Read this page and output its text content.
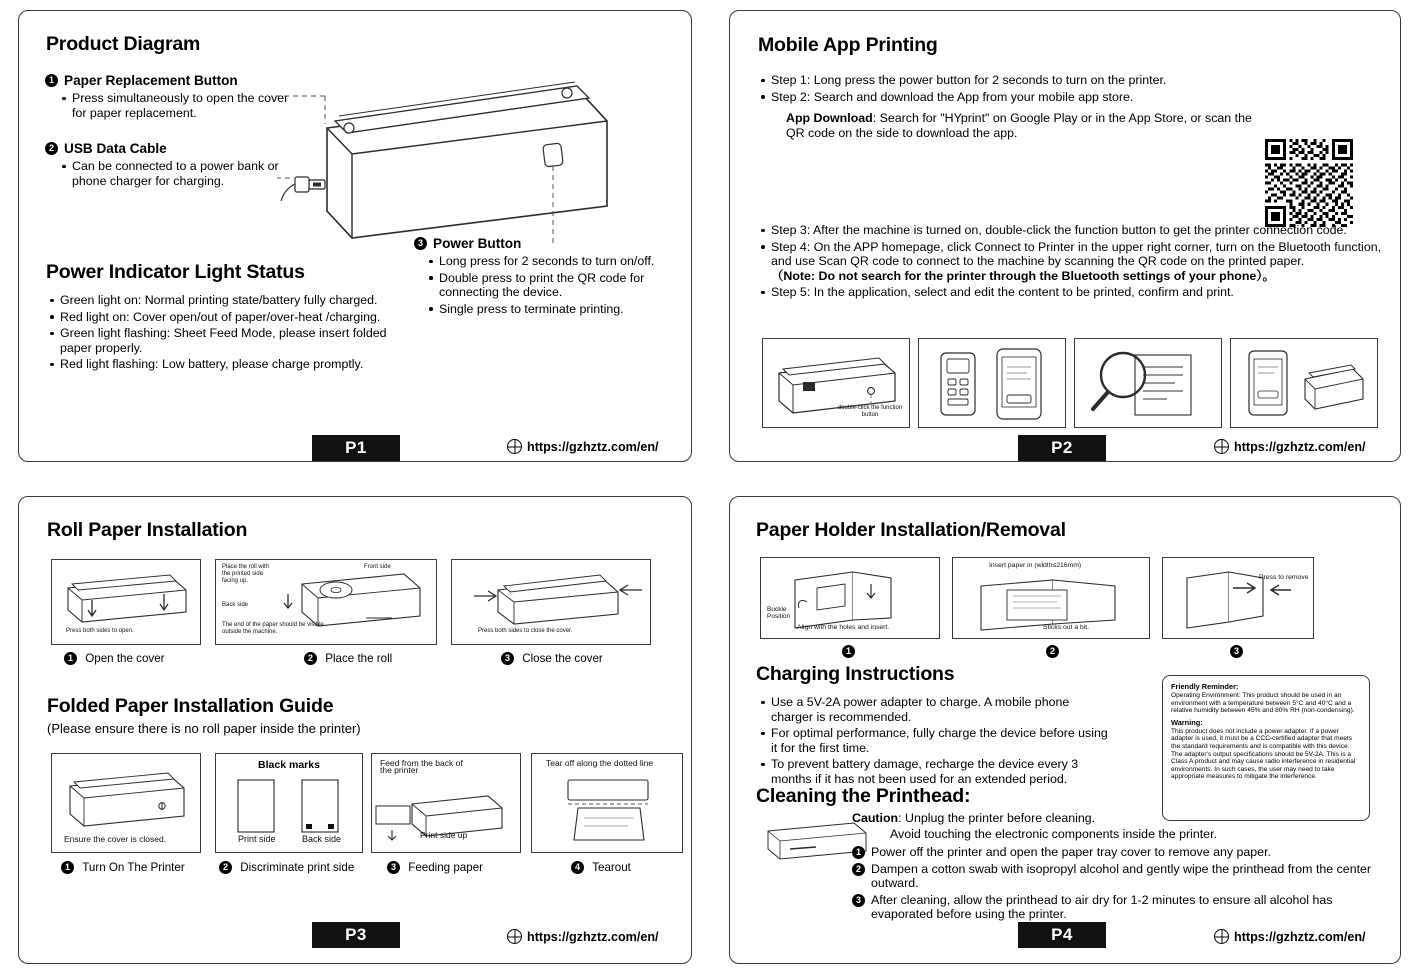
Product Diagram
1 Paper Replacement Button
Press simultaneously to open the cover for paper replacement.
2 USB Data Cable
Can be connected to a power bank or phone charger for charging.
3 Power Button
Long press for 2 seconds to turn on/off.
Double press to print the QR code for connecting the device.
Single press to terminate printing.
Power Indicator Light Status
Green light on: Normal printing state/battery fully charged.
Red light on: Cover open/out of paper/over-heat /charging.
Green light flashing: Sheet Feed Mode, please insert folded paper properly.
Red light flashing: Low battery, please charge promptly.
P1	https://gzhztz.com/en/
Mobile App Printing
Step 1: Long press the power button for 2 seconds to turn on the printer.
Step 2: Search and download the App from your mobile app store.
App Download: Search for "HYprint" on Google Play or in the App Store, or scan the QR code on the side to download the app.
Step 3: After the machine is turned on, double-click the function button to get the printer connection code.
Step 4: On the APP homepage, click Connect to Printer in the upper right corner, turn on the Bluetooth function, and use Scan QR code to connect to the machine by scanning the QR code on the printed paper.
（Note: Do not search for the printer through the Bluetooth settings of your phone）。
Step 5: In the application, select and edit the content to be printed, confirm and print.
double-click the function button
P2	https://gzhztz.com/en/
Roll Paper Installation
Press both sides to open.
1 Open the cover
Place the roll with the printed side facing up.
Back side
Front side
The end of the paper should be visible outside the machine.
2 Place the roll
Press both sides to close the cover.
3 Close the cover
Folded Paper Installation Guide
(Please ensure there is no roll paper inside the printer)
Ensure the cover is closed.
1 Turn On The Printer
Black marks
Print side	Back side
2 Discriminate print side
Feed from the back of the printer
Print side up
3 Feeding paper
Tear off along the dotted line
4 Tearout
P3	https://gzhztz.com/en/
Paper Holder Installation/Removal
Buckle Position
Align with the holes and insert.
1
Insert paper in (width≤216mm)
Sticks out a bit.
2
Press to remove
3
Charging Instructions
Use a 5V-2A power adapter to charge. A mobile phone charger is recommended.
For optimal performance, fully charge the device before using it for the first time.
To prevent battery damage, recharge the device every 3 months if it has not been used for an extended period.
Friendly Reminder:
Operating Environment: This product should be used in an environment with a temperature between 5°C and 40°C and a relative humidity between 45% and 80% RH (non-condensing).
Warning:
This product does not include a power adapter. If a power adapter is used, it must be a CCC-certified adapter that meets the standard requirements and is compatible with this device. The adapter's output specifications should be 5V-2A. This is a Class A product and may cause radio interference in residential environments. In such cases, the user may need to take appropriate measures to mitigate the interference.
Cleaning the Printhead:
Caution: Unplug the printer before cleaning.
Avoid touching the electronic components inside the printer.
1 Power off the printer and open the paper tray cover to remove any paper.
2 Dampen a cotton swab with isopropyl alcohol and gently wipe the printhead from the center outward.
3 After cleaning, allow the printhead to air dry for 1-2 minutes to ensure all alcohol has evaporated before using the printer.
P4	https://gzhztz.com/en/
